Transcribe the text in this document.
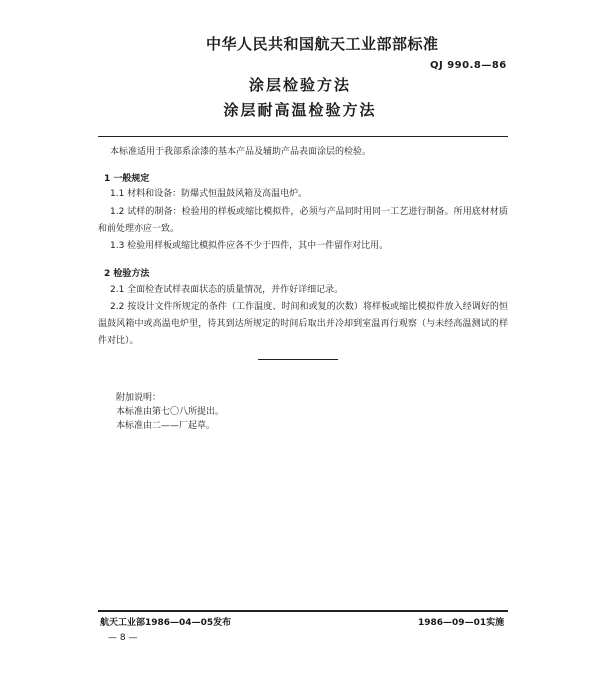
中华人民共和国航天工业部部标准
QJ 990.8—86
涂层检验方法
涂层耐高温检验方法
本标准适用于我部系涂漆的基本产品及辅助产品表面涂层的检验。
1 一般规定
1.1 材料和设备：防爆式恒温鼓风箱及高温电炉。
1.2 试样的制备：检验用的样板或缩比模拟件，必须与产品同时用同一工艺进行制备。所用底材材质和前处理亦应一致。
1.3 检验用样板或缩比模拟件应各不少于四件，其中一件留作对比用。
2 检验方法
2.1 全面检查试样表面状态的质量情况，并作好详细记录。
2.2 按设计文件所规定的条件（工作温度、时间和或复的次数）将样板或缩比模拟件放入经调好的恒温鼓风箱中或高温电炉里，待其到达所规定的时间后取出并冷却到室温再行观察（与未经高温测试的样件对比）。
附加说明：
本标准由第七〇八所提出。
本标准由二——厂起草。
航天工业部1986—04—05发布	1986—09—01实施
— 8 —
